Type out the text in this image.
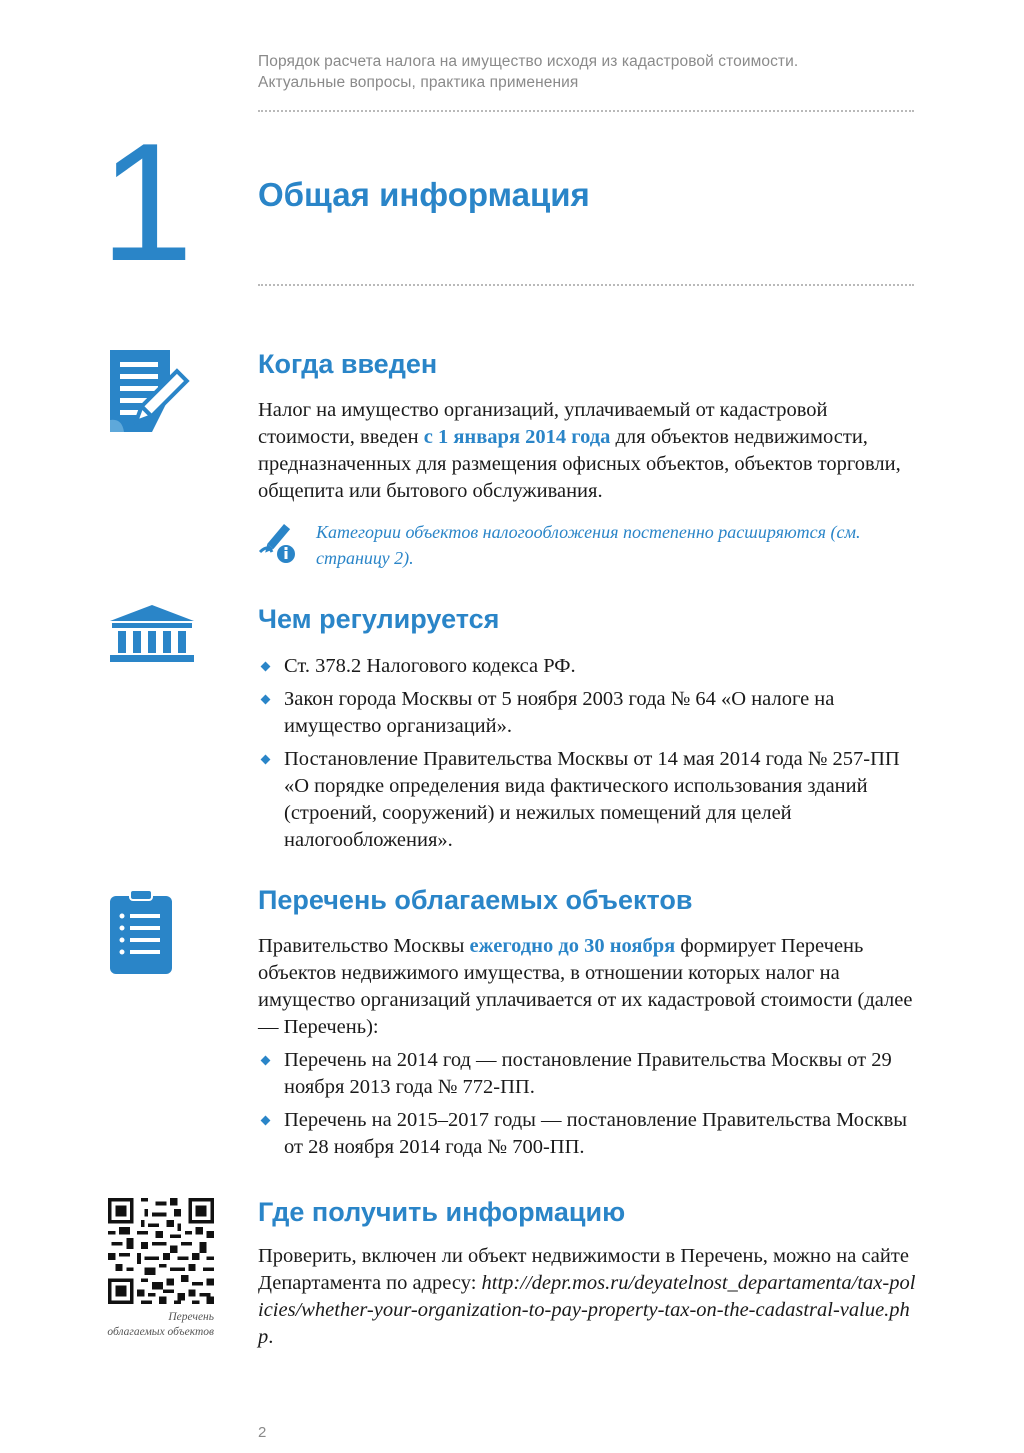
Порядок расчета налога на имущество исходя из кадастровой стоимости.
Актуальные вопросы, практика применения
1 Общая информация
Когда введен

Налог на имущество организаций, уплачиваемый от кадастровой стоимости, введен с 1 января 2014 года для объектов недвижимости, предназначенных для размещения офисных объектов, объектов торговли, общепита или бытового обслуживания.

Категории объектов налогообложения постепенно расширяются (см. страницу 2).
Чем регулируется
Ст. 378.2 Налогового кодекса РФ.
Закон города Москвы от 5 ноября 2003 года № 64 «О налоге на имущество организаций».
Постановление Правительства Москвы от 14 мая 2014 года № 257-ПП «О порядке определения вида фактического использования зданий (строений, сооружений) и нежилых помещений для целей налогообложения».
Перечень облагаемых объектов

Правительство Москвы ежегодно до 30 ноября формирует Перечень объектов недвижимого имущества, в отношении которых налог на имущество организаций уплачивается от их кадастровой стоимости (далее — Перечень):

Перечень на 2014 год — постановление Правительства Москвы от 29 ноября 2013 года № 772-ПП.
Перечень на 2015–2017 годы — постановление Правительства Москвы от 28 ноября 2014 года № 700-ПП.
Перечень
облагаемых объектов
Где получить информацию

Проверить, включен ли объект недвижимости в Перечень, можно на сайте Департамента по адресу: http://depr.mos.ru/deyatelnost_departamenta/tax-policies/whether-your-organization-to-pay-property-tax-on-the-cadastral-value.php.

2
